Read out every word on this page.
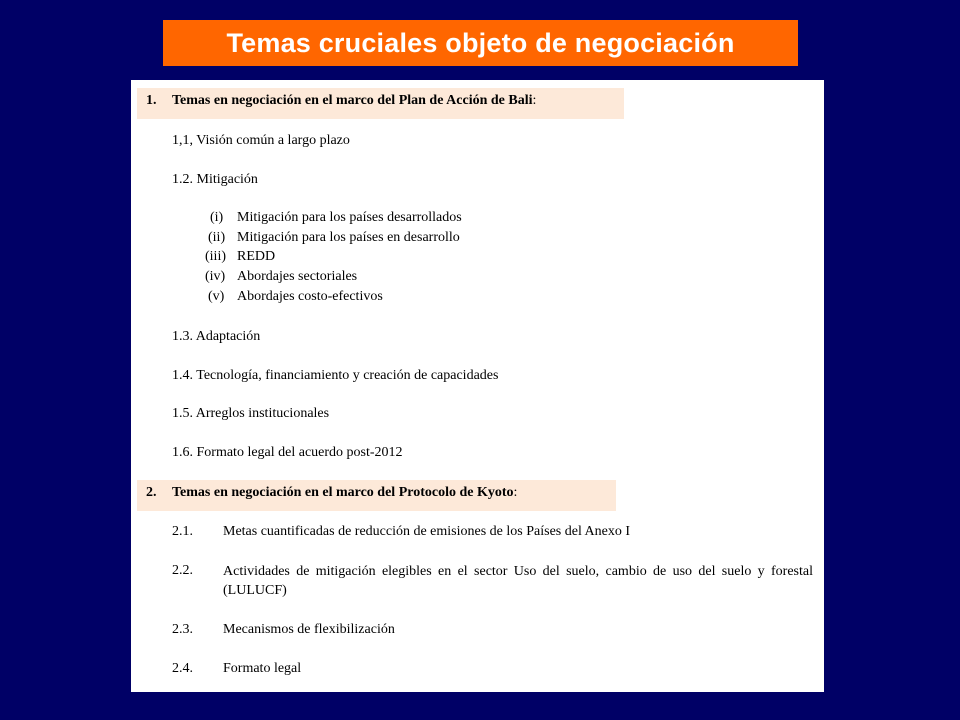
Temas cruciales objeto de negociación
1. Temas en negociación en el marco del Plan de Acción de Bali:
1,1, Visión común a largo plazo
1.2. Mitigación
(i) Mitigación para los países desarrollados
(ii) Mitigación para los países en desarrollo
(iii) REDD
(iv) Abordajes sectoriales
(v) Abordajes costo-efectivos
1.3. Adaptación
1.4. Tecnología, financiamiento y creación de capacidades
1.5. Arreglos institucionales
1.6. Formato legal del acuerdo post-2012
2. Temas en negociación en el marco del Protocolo de Kyoto:
2.1. Metas cuantificadas de reducción de emisiones de los Países del Anexo I
2.2. Actividades de mitigación elegibles en el sector Uso del suelo, cambio de uso del suelo y forestal (LULUCF)
2.3. Mecanismos de flexibilización
2.4. Formato legal
